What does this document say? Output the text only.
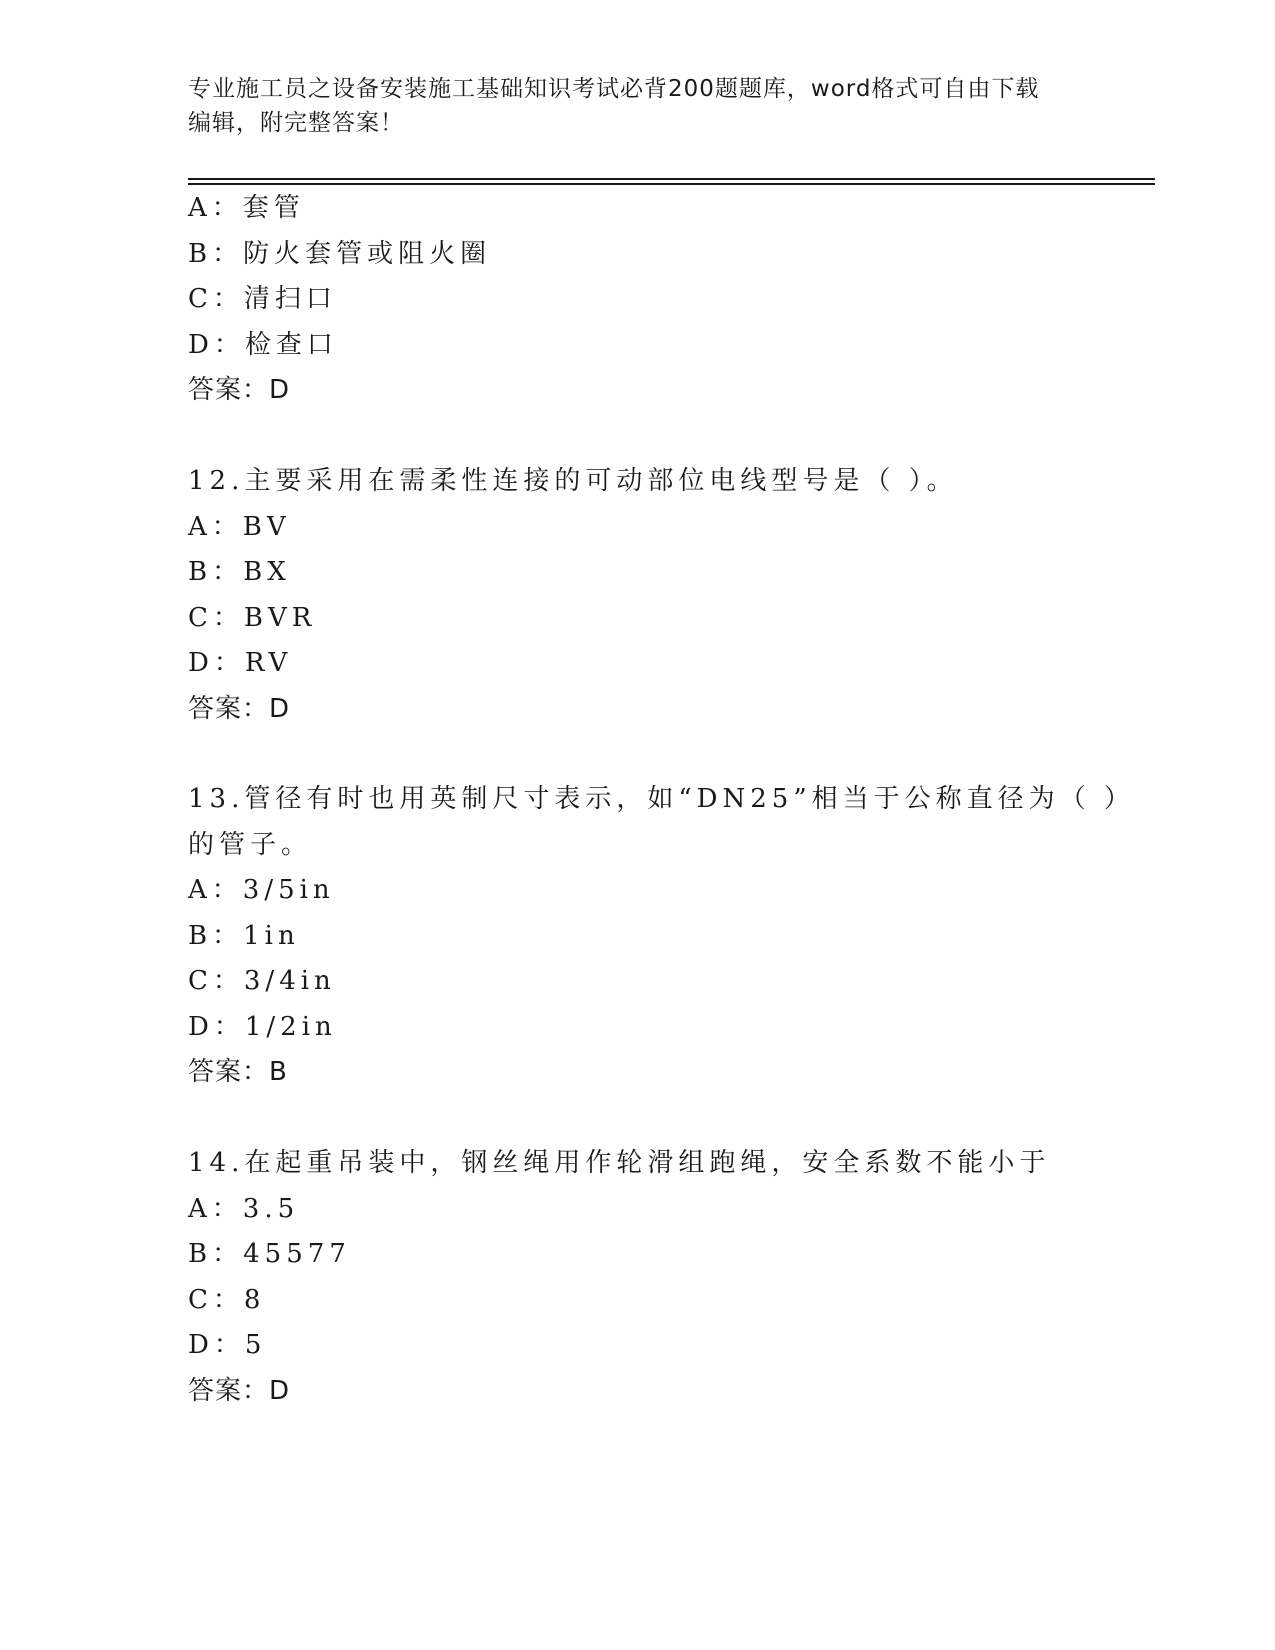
专业施工员之设备安装施工基础知识考试必背200题题库，word格式可自由下载
编辑，附完整答案！
A：套管
B：防火套管或阻火圈
C：清扫口
D：检查口
答案：D
12.主要采用在需柔性连接的可动部位电线型号是（ ）。
A：BV
B：BX
C：BVR
D：RV
答案：D
13.管径有时也用英制尺寸表示，如“DN25”相当于公称直径为（ ）
的管子。
A：3/5in
B：1in
C：3/4in
D：1/2in
答案：B
14.在起重吊装中，钢丝绳用作轮滑组跑绳，安全系数不能小于
A：3.5
B：45577
C：8
D：5
答案：D
